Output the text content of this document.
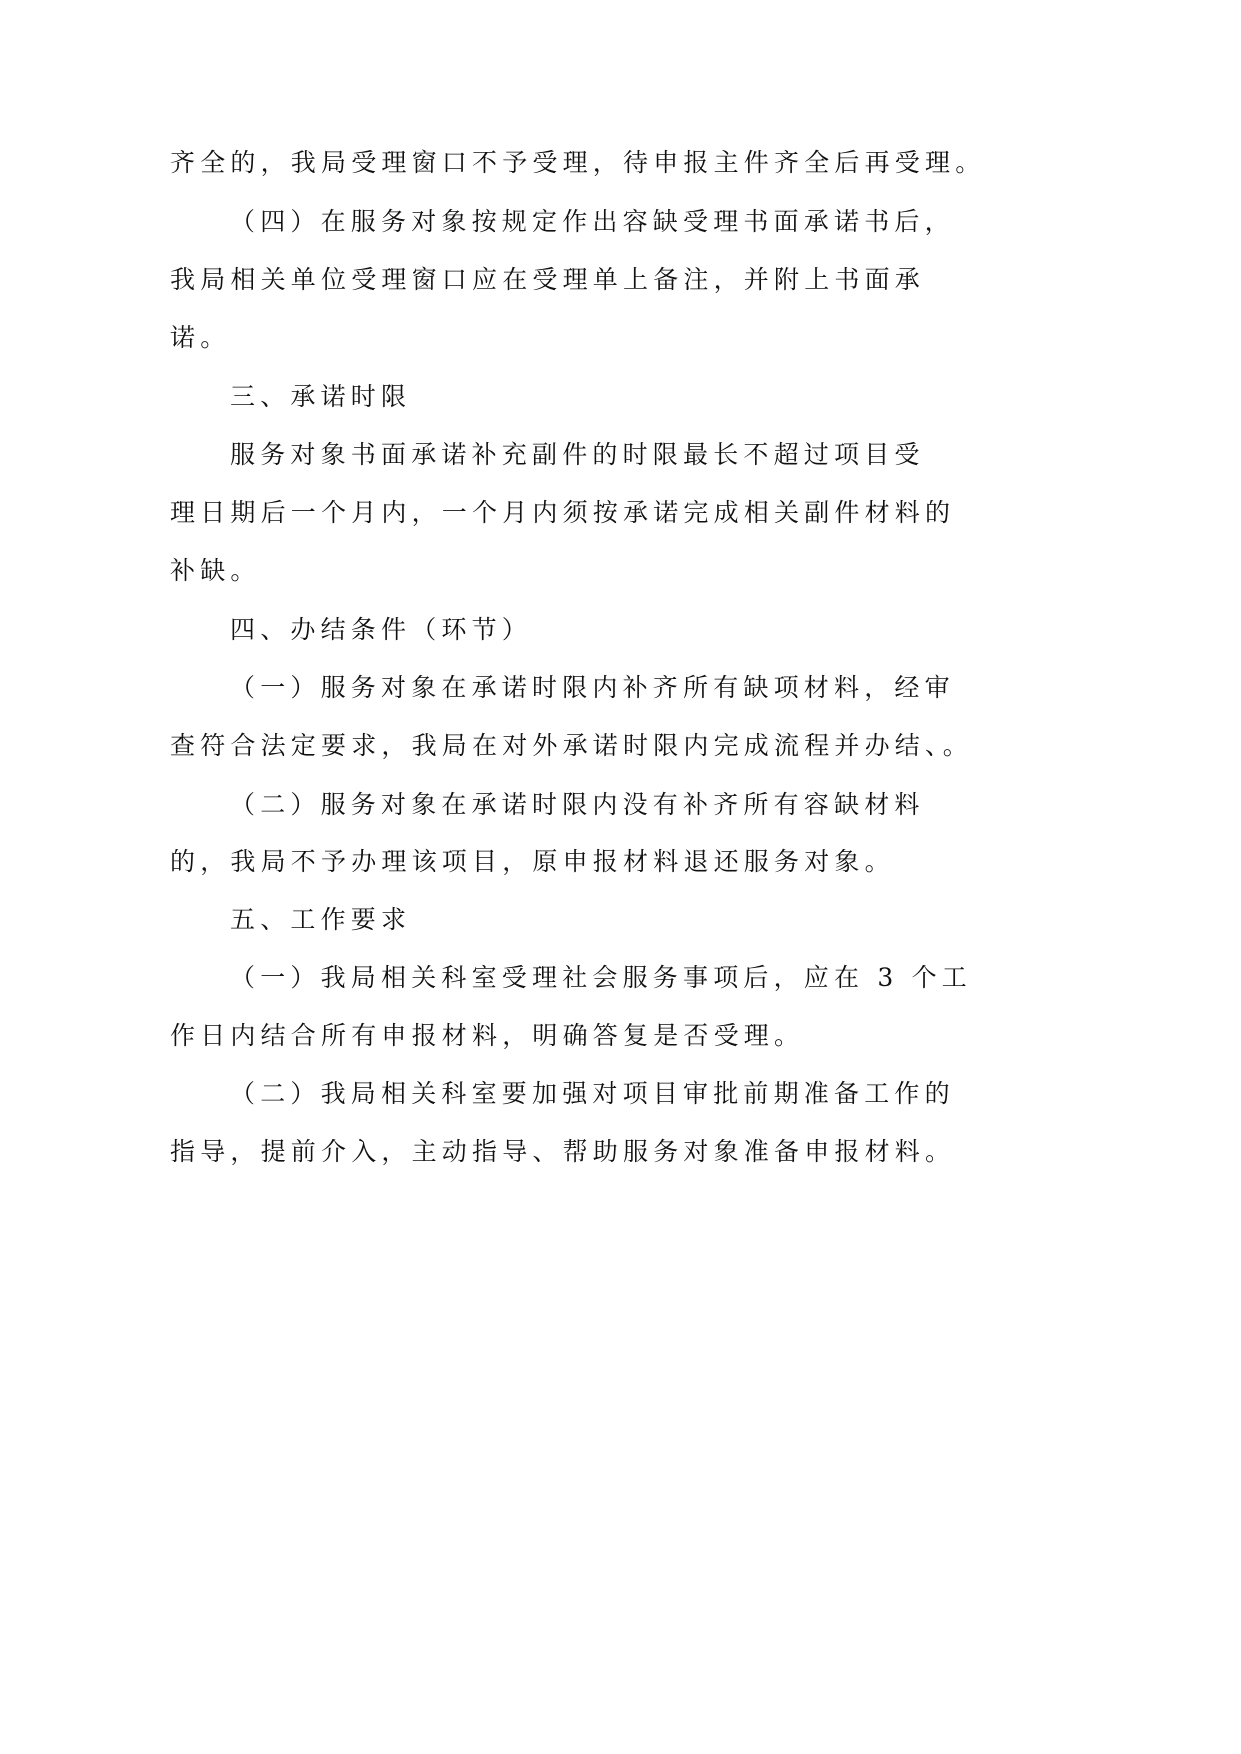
齐全的，我局受理窗口不予受理，待申报主件齐全后再受理。
（四）在服务对象按规定作出容缺受理书面承诺书后，
我局相关单位受理窗口应在受理单上备注，并附上书面承
诺。
三、承诺时限
服务对象书面承诺补充副件的时限最长不超过项目受
理日期后一个月内，一个月内须按承诺完成相关副件材料的
补缺。
四、办结条件（环节）
（一）服务对象在承诺时限内补齐所有缺项材料，经审
查符合法定要求，我局在对外承诺时限内完成流程并办结、。
（二）服务对象在承诺时限内没有补齐所有容缺材料
的，我局不予办理该项目，原申报材料退还服务对象。
五、工作要求
（一）我局相关科室受理社会服务事项后，应在 3 个工
作日内结合所有申报材料，明确答复是否受理。
（二）我局相关科室要加强对项目审批前期准备工作的
指导，提前介入，主动指导、帮助服务对象准备申报材料。
